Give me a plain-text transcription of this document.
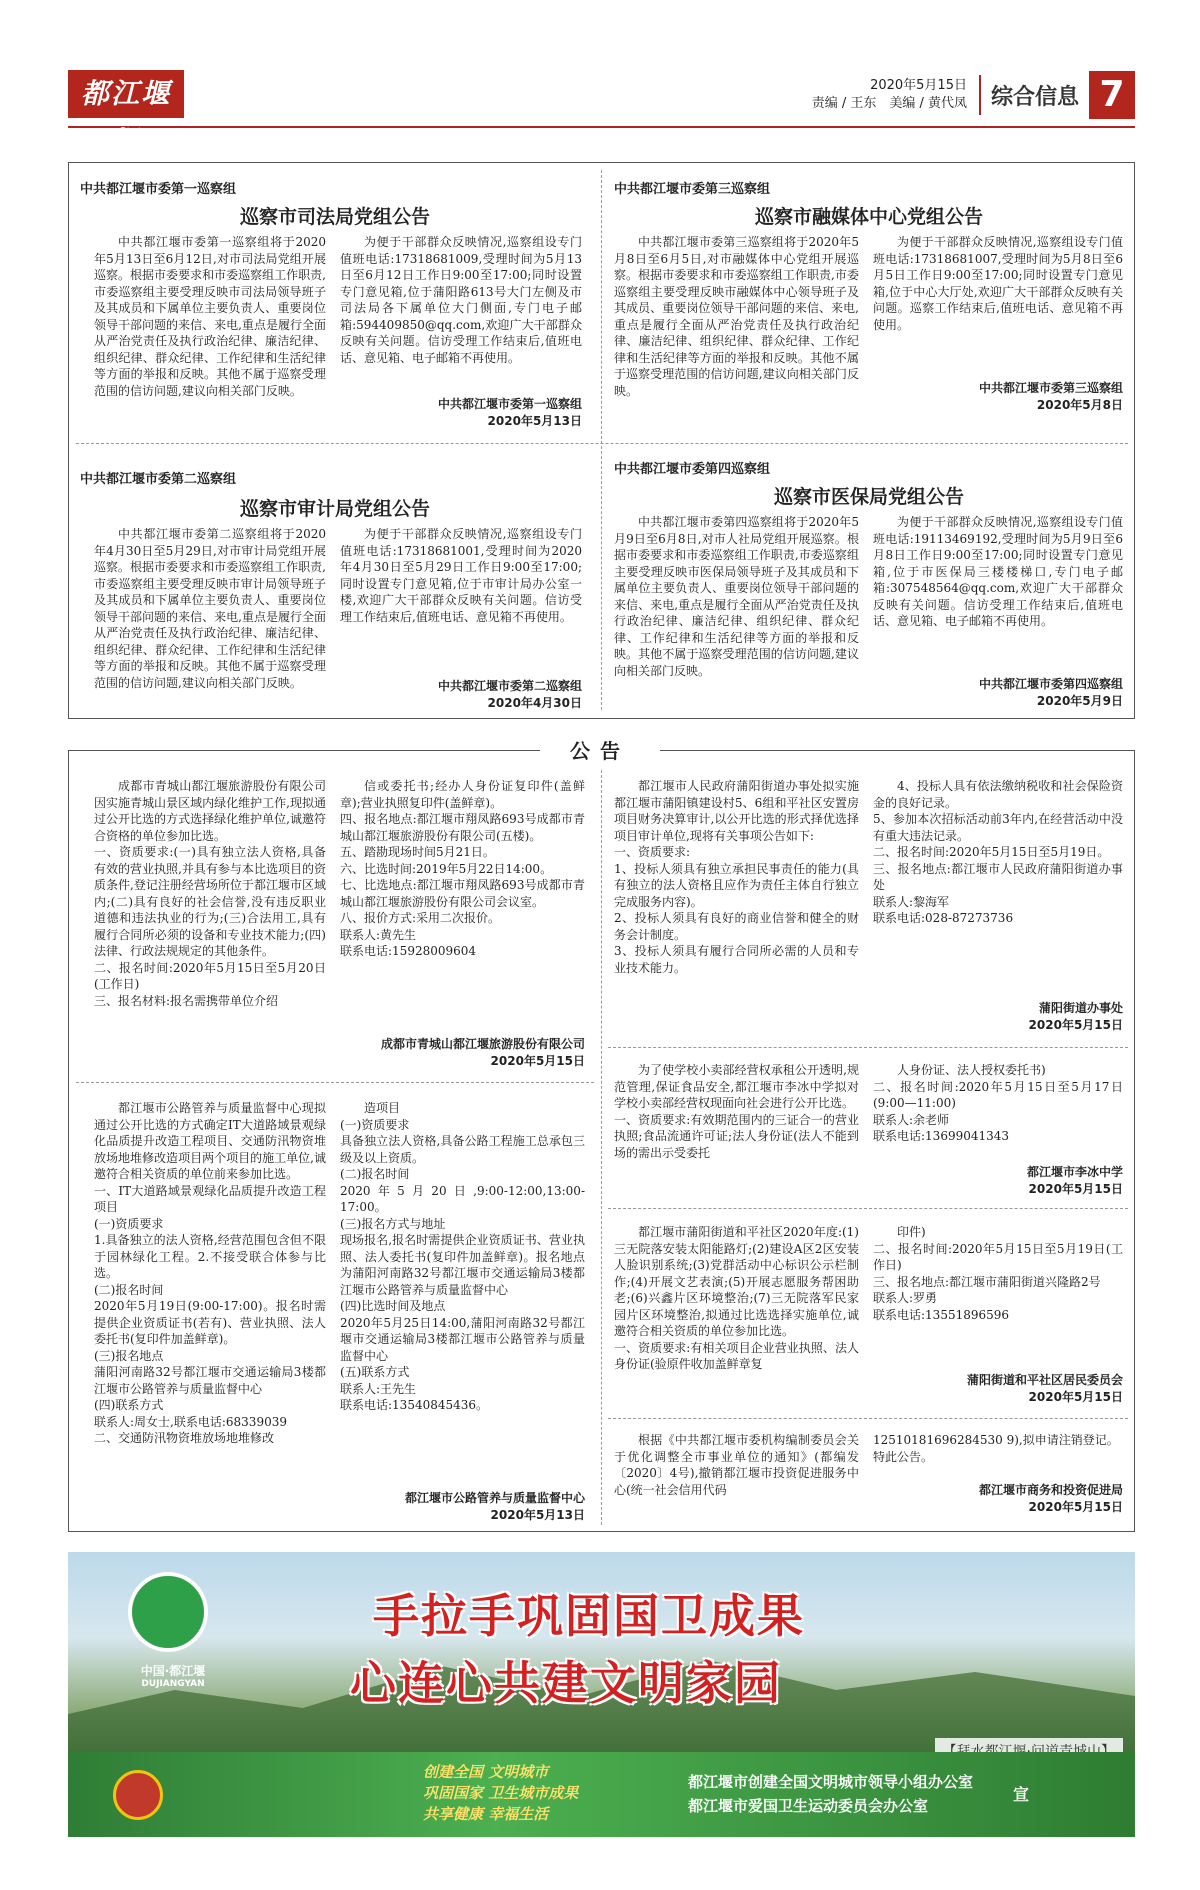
都江堰报
2020年5月15日
责编 / 王东　美编 / 黄代凤 综合信息 7
中共都江堰市委第一巡察组
巡察市司法局党组公告

中共都江堰市委第一巡察组将于2020年5月13日至6月12日,对市司法局党组开展巡察。根据市委要求和市委巡察组工作职责,市委巡察组主要受理反映市司法局领导班子及其成员和下属单位主要负责人、重要岗位领导干部问题的来信、来电,重点是履行全面从严治党责任及执行政治纪律、廉洁纪律、组织纪律、群众纪律、工作纪律和生活纪律等方面的举报和反映。其他不属于巡察受理范围的信访问题,建议向相关部门反映。

为便于干部群众反映情况,巡察组设专门值班电话:17318681009,受理时间为5月13日至6月12日工作日9:00至17:00;同时设置专门意见箱,位于蒲阳路613号大门左侧及市司法局各下属单位大门侧面,专门电子邮箱:594409850@qq.com,欢迎广大干部群众反映有关问题。信访受理工作结束后,值班电话、意见箱、电子邮箱不再使用。

中共都江堰市委第一巡察组
2020年5月13日
中共都江堰市委第三巡察组
巡察市融媒体中心党组公告

中共都江堰市委第三巡察组将于2020年5月8日至6月5日,对市融媒体中心党组开展巡察。根据市委要求和市委巡察组工作职责,市委巡察组主要受理反映市融媒体中心领导班子及其成员、重要岗位领导干部问题的来信、来电,重点是履行全面从严治党责任及执行政治纪律、廉洁纪律、组织纪律、群众纪律、工作纪律和生活纪律等方面的举报和反映。其他不属于巡察受理范围的信访问题,建议向相关部门反映。

为便于干部群众反映情况,巡察组设专门值班电话:17318681007,受理时间为5月8日至6月5日工作日9:00至17:00;同时设置专门意见箱,位于中心大厅处,欢迎广大干部群众反映有关问题。巡察工作结束后,值班电话、意见箱不再使用。

中共都江堰市委第三巡察组
2020年5月8日
中共都江堰市委第二巡察组
巡察市审计局党组公告

中共都江堰市委第二巡察组将于2020年4月30日至5月29日,对市审计局党组开展巡察。根据市委要求和市委巡察组工作职责,市委巡察组主要受理反映市审计局领导班子及其成员和下属单位主要负责人、重要岗位领导干部问题的来信、来电,重点是履行全面从严治党责任及执行政治纪律、廉洁纪律、组织纪律、群众纪律、工作纪律和生活纪律等方面的举报和反映。其他不属于巡察受理范围的信访问题,建议向相关部门反映。

为便于干部群众反映情况,巡察组设专门值班电话:17318681001,受理时间为2020年4月30日至5月29日工作日9:00至17:00;同时设置专门意见箱,位于市审计局办公室一楼,欢迎广大干部群众反映有关问题。信访受理工作结束后,值班电话、意见箱不再使用。

中共都江堰市委第二巡察组
2020年4月30日
中共都江堰市委第四巡察组
巡察市医保局党组公告

中共都江堰市委第四巡察组将于2020年5月9日至6月8日,对市人社局党组开展巡察。根据市委要求和市委巡察组工作职责,市委巡察组主要受理反映市医保局领导班子及其成员和下属单位主要负责人、重要岗位领导干部问题的来信、来电,重点是履行全面从严治党责任及执行政治纪律、廉洁纪律、组织纪律、群众纪律、工作纪律和生活纪律等方面的举报和反映。其他不属于巡察受理范围的信访问题,建议向相关部门反映。

为便于干部群众反映情况,巡察组设专门值班电话:19113469192,受理时间为5月9日至6月8日工作日9:00至17:00;同时设置专门意见箱,位于市医保局三楼楼梯口,专门电子邮箱:307548564@qq.com,欢迎广大干部群众反映有关问题。信访受理工作结束后,值班电话、意见箱、电子邮箱不再使用。

中共都江堰市委第四巡察组
2020年5月9日
公告

成都市青城山都江堰旅游股份有限公司因实施青城山景区域内绿化维护工作,现拟通过公开比选的方式选择绿化维护单位,诚邀符合资格的单位参加比选。
一、资质要求:(一)具有独立法人资格,具备有效的营业执照,并具有参与本比选项目的资质条件,登记注册经营场所位于都江堰市区域内;(二)具有良好的社会信誉,没有违反职业道德和违法执业的行为;(三)合法用工,具有履行合同所必须的设备和专业技术能力;(四)法律、行政法规规定的其他条件。
二、报名时间:2020年5月15日至5月20日(工作日)
三、报名材料:报名需携带单位介绍

信或委托书;经办人身份证复印件(盖鲜章);营业执照复印件(盖鲜章)。
四、报名地点:都江堰市翔凤路693号成都市青城山都江堰旅游股份有限公司(五楼)。
五、踏勘现场时间5月21日。
六、比选时间:2019年5月22日14:00。
七、比选地点:都江堰市翔凤路693号成都市青城山都江堰旅游股份有限公司会议室。
八、报价方式:采用二次报价。
联系人:黄先生
联系电话:15928009604

成都市青城山都江堰旅游股份有限公司
2020年5月15日

都江堰市人民政府蒲阳街道办事处拟实施都江堰市蒲阳镇建设村5、6组和平社区安置房项目财务决算审计,以公开比选的形式择优选择项目审计单位,现将有关事项公告如下:
一、资质要求:
1、投标人须具有独立承担民事责任的能力(具有独立的法人资格且应作为责任主体自行独立完成服务内容)。
2、投标人须具有良好的商业信誉和健全的财务会计制度。
3、投标人须具有履行合同所必需的人员和专业技术能力。

4、投标人具有依法缴纳税收和社会保险资金的良好记录。
5、参加本次招标活动前3年内,在经营活动中没有重大违法记录。
二、报名时间:2020年5月15日至5月19日。
三、报名地点:都江堰市人民政府蒲阳街道办事处
联系人:黎海军
联系电话:028-87273736

蒲阳街道办事处
2020年5月15日

都江堰市公路管养与质量监督中心现拟通过公开比选的方式确定IT大道路域景观绿化品质提升改造工程项目、交通防汛物资堆放场地堆修改造项目两个项目的施工单位,诚邀符合相关资质的单位前来参加比选。
一、IT大道路域景观绿化品质提升改造工程项目
(一)资质要求
1.具备独立的法人资格,经营范围包含但不限于园林绿化工程。2.不接受联合体参与比选。
(二)报名时间
2020年5月19日(9:00-17:00)。报名时需提供企业资质证书(若有)、营业执照、法人委托书(复印件加盖鲜章)。
(三)报名地点
蒲阳河南路32号都江堰市交通运输局3楼都江堰市公路管养与质量监督中心
(四)联系方式
联系人:周女士,联系电话:68339039
二、交通防汛物资堆放场地堆修改

造项目
(一)资质要求
具备独立法人资格,具备公路工程施工总承包三级及以上资质。
(二)报名时间
2020年5月20日,9:00-12:00,13:00-17:00。
(三)报名方式与地址
现场报名,报名时需提供企业资质证书、营业执照、法人委托书(复印件加盖鲜章)。报名地点为蒲阳河南路32号都江堰市交通运输局3楼都江堰市公路管养与质量监督中心
(四)比选时间及地点
2020年5月25日14:00,蒲阳河南路32号都江堰市交通运输局3楼都江堰市公路管养与质量监督中心
(五)联系方式
联系人:王先生
联系电话:13540845436。

都江堰市公路管养与质量监督中心
2020年5月13日

为了使学校小卖部经营权承租公开透明,规范管理,保证食品安全,都江堰市李冰中学拟对学校小卖部经营权现面向社会进行公开比选。
一、资质要求:有效期范围内的三证合一的营业执照;食品流通许可证;法人身份证(法人不能到场的需出示受委托

人身份证、法人授权委托书)
二、报名时间:2020年5月15日至5月17日(9:00—11:00)
联系人:余老师
联系电话:13699041343

都江堰市李冰中学
2020年5月15日

都江堰市蒲阳街道和平社区2020年度:(1)三无院落安装太阳能路灯;(2)建设A区2区安装人脸识别系统;(3)党群活动中心标识公示栏制作;(4)开展文艺表演;(5)开展志愿服务帮困助老;(6)兴鑫片区环境整治;(7)三无院落军民家园片区环境整治,拟通过比选选择实施单位,诚邀符合相关资质的单位参加比选。
一、资质要求:有相关项目企业营业执照、法人身份证(验原件收加盖鲜章复

印件)
二、报名时间:2020年5月15日至5月19日(工作日)
三、报名地点:都江堰市蒲阳街道兴隆路2号
联系人:罗勇
联系电话:13551896596

蒲阳街道和平社区居民委员会
2020年5月15日

根据《中共都江堰市委机构编制委员会关于优化调整全市事业单位的通知》(都编发〔2020〕4号),撤销都江堰市投资促进服务中心(统一社会信用代码

12510181696284530 9),拟申请注销登记。
特此公告。

都江堰市商务和投资促进局
2020年5月15日
中国·都江堰
DUJIANGYAN
手拉手巩固国卫成果
心连心共建文明家园
创建全国 文明城市
巩固国家 卫生城市成果
共享健康 幸福生活
都江堰市创建全国文明城市领导小组办公室
都江堰市爱国卫生运动委员会办公室
宣
